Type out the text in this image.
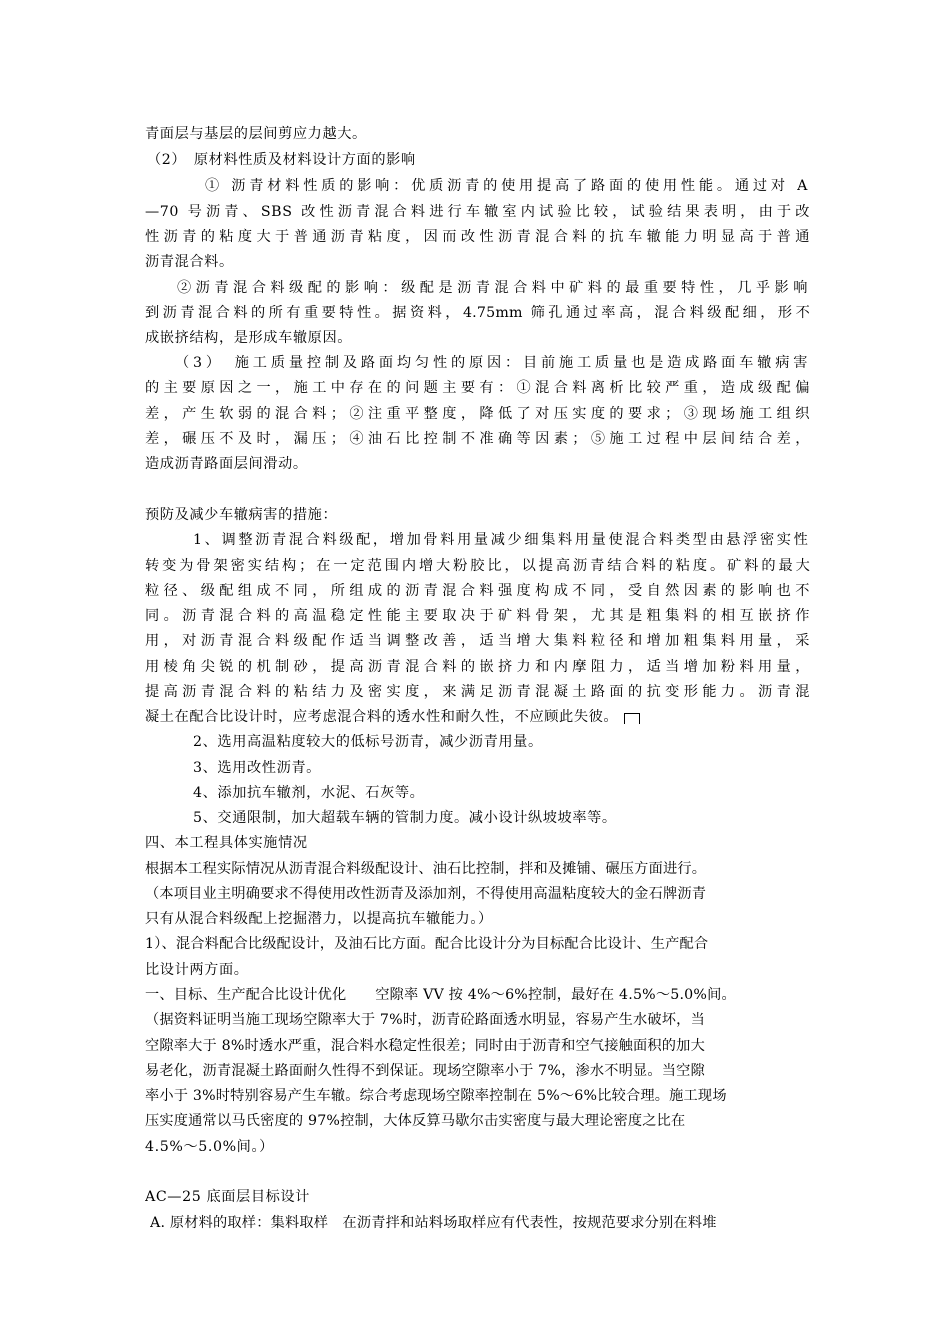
青面层与基层的层间剪应力越大。
（2）　原材料性质及材料设计方面的影响
① 沥青材料性质的影响：优质沥青的使用提高了路面的使用性能。通过对 A
—70 号沥青、SBS 改性沥青混合料进行车辙室内试验比较，试验结果表明，由于改
性沥青的粘度大于普通沥青粘度，因而改性沥青混合料的抗车辙能力明显高于普通
沥青混合料。
②沥青混合料级配的影响：级配是沥青混合料中矿料的最重要特性，几乎影响
到沥青混合料的所有重要特性。据资料，4.75mm 筛孔通过率高，混合料级配细，形不
成嵌挤结构，是形成车辙原因。
（3）　施工质量控制及路面均匀性的原因：目前施工质量也是造成路面车辙病害
的主要原因之一，施工中存在的问题主要有：①混合料离析比较严重，造成级配偏
差，产生软弱的混合料；②注重平整度，降低了对压实度的要求；③现场施工组织
差，碾压不及时，漏压；④油石比控制不准确等因素；⑤施工过程中层间结合差，
造成沥青路面层间滑动。
预防及减少车辙病害的措施：
1、调整沥青混合料级配，增加骨料用量减少细集料用量使混合料类型由悬浮密实性
转变为骨架密实结构；在一定范围内增大粉胶比，以提高沥青结合料的粘度。矿料的最大
粒径、级配组成不同，所组成的沥青混合料强度构成不同，受自然因素的影响也不
同。沥青混合料的高温稳定性能主要取决于矿料骨架，尤其是粗集料的相互嵌挤作
用，对沥青混合料级配作适当调整改善，适当增大集料粒径和增加粗集料用量，采
用棱角尖锐的机制砂，提高沥青混合料的嵌挤力和内摩阻力，适当增加粉料用量，
提高沥青混合料的粘结力及密实度，来满足沥青混凝土路面的抗变形能力。沥青混
凝土在配合比设计时，应考虑混合料的透水性和耐久性，不应顾此失彼。
2、选用高温粘度较大的低标号沥青，减少沥青用量。
3、选用改性沥青。
4、添加抗车辙剂，水泥、石灰等。
5、交通限制，加大超载车辆的管制力度。减小设计纵坡坡率等。
四、本工程具体实施情况
根据本工程实际情况从沥青混合料级配设计、油石比控制，拌和及摊铺、碾压方面进行。
（本项目业主明确要求不得使用改性沥青及添加剂，不得使用高温粘度较大的金石牌沥青
只有从混合料级配上挖掘潜力，以提高抗车辙能力。）
1）、混合料配合比级配设计，及油石比方面。配合比设计分为目标配合比设计、生产配合
比设计两方面。
一、目标、生产配合比设计优化　　空隙率 VV 按 4%～6%控制，最好在 4.5%～5.0%间。
（据资料证明当施工现场空隙率大于 7%时，沥青砼路面透水明显，容易产生水破坏，当
空隙率大于 8%时透水严重，混合料水稳定性很差；同时由于沥青和空气接触面积的加大
易老化，沥青混凝土路面耐久性得不到保证。现场空隙率小于 7%，渗水不明显。当空隙
率小于 3%时特别容易产生车辙。综合考虑现场空隙率控制在 5%～6%比较合理。施工现场
压实度通常以马氏密度的 97%控制，大体反算马歇尔击实密度与最大理论密度之比在
4.5%～5.0%间。）
AC—25 底面层目标设计
A. 原材料的取样：集料取样　在沥青拌和站料场取样应有代表性，按规范要求分别在料堆
